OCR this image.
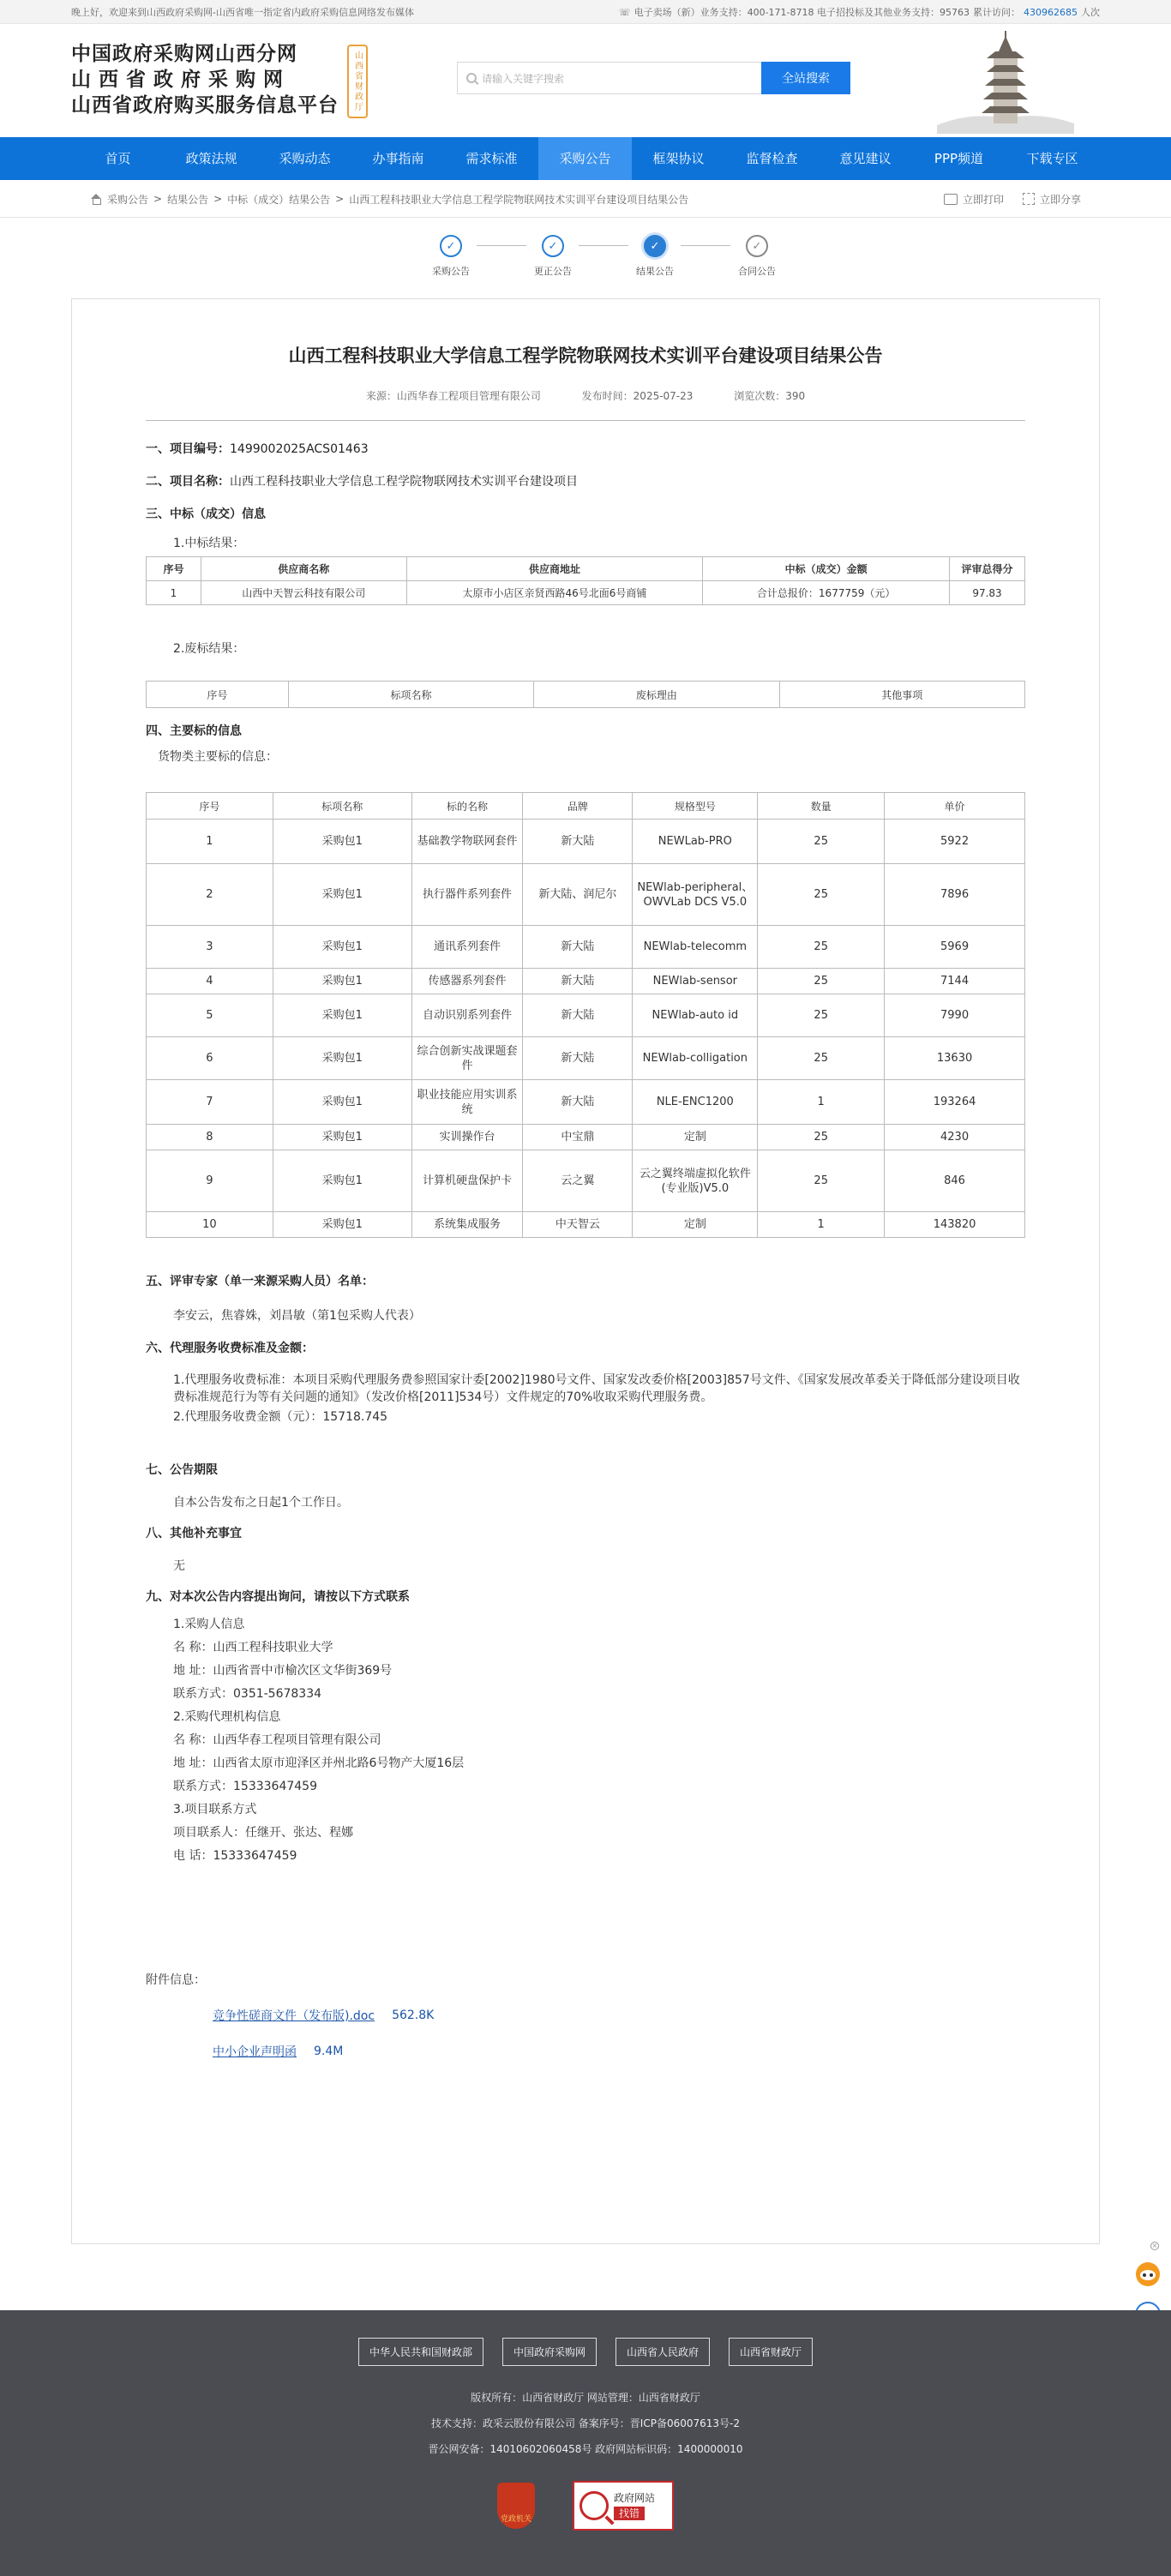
晚上好，欢迎来到山西政府采购网-山西省唯一指定省内政府采购信息网络发布媒体	☏ 电子卖场（新）业务支持：400-171-8718 电子招投标及其他业务支持：95763 累计访问： 430962685 人次
中国政府采购网山西分网
山西省政府采购网
山西省政府购买服务信息平台	山西省财政厅	请输入关键字搜索	全站搜索
首页	政策法规	采购动态	办事指南	需求标准	采购公告	框架协议	监督检查	意见建议	PPP频道	下载专区
采购公告 > 结果公告 > 中标（成交）结果公告 > 山西工程科技职业大学信息工程学院物联网技术实训平台建设项目结果公告	立即打印	立即分享
✓
采购公告
✓
更正公告
✓
结果公告
✓
合同公告
山西工程科技职业大学信息工程学院物联网技术实训平台建设项目结果公告
来源：山西华春工程项目管理有限公司	发布时间：2025-07-23	浏览次数：390
一、项目编号：1499002025ACS01463
二、项目名称：山西工程科技职业大学信息工程学院物联网技术实训平台建设项目
三、中标（成交）信息
1.中标结果：
序号	供应商名称	供应商地址	中标（成交）金额	评审总得分
1	山西中天智云科技有限公司	太原市小店区亲贤西路46号北面6号商铺	合计总报价：1677759（元）	97.83
2.废标结果：
序号	标项名称	废标理由	其他事项
四、主要标的信息
货物类主要标的信息：
序号	标项名称	标的名称	品牌	规格型号	数量	单价
1	采购包1	基础教学物联网套件	新大陆	NEWLab-PRO	25	5922
2	采购包1	执行器件系列套件	新大陆、润尼尔	NEWlab-peripheral、OWVLab DCS V5.0	25	7896
3	采购包1	通讯系列套件	新大陆	NEWlab-telecomm	25	5969
4	采购包1	传感器系列套件	新大陆	NEWlab-sensor	25	7144
5	采购包1	自动识别系列套件	新大陆	NEWlab-auto id	25	7990
6	采购包1	综合创新实战课题套件	新大陆	NEWlab-colligation	25	13630
7	采购包1	职业技能应用实训系统	新大陆	NLE-ENC1200	1	193264
8	采购包1	实训操作台	中宝鼎	定制	25	4230
9	采购包1	计算机硬盘保护卡	云之翼	云之翼终端虚拟化软件(专业版)V5.0	25	846
10	采购包1	系统集成服务	中天智云	定制	1	143820
五、评审专家（单一来源采购人员）名单：
李安云，焦睿姝，刘昌敏（第1包采购人代表）
六、代理服务收费标准及金额：
1.代理服务收费标准：本项目采购代理服务费参照国家计委[2002]1980号文件、国家发改委价格[2003]857号文件、《国家发展改革委关于降低部分建设项目收费标准规范行为等有关问题的通知》（发改价格[2011]534号）文件规定的70%收取采购代理服务费。
2.代理服务收费金额（元）：15718.745
七、公告期限
自本公告发布之日起1个工作日。
八、其他补充事宜
无
九、对本次公告内容提出询问，请按以下方式联系
1.采购人信息
名 称：山西工程科技职业大学
地 址：山西省晋中市榆次区文华街369号
联系方式：0351-5678334
2.采购代理机构信息
名 称：山西华春工程项目管理有限公司
地 址：山西省太原市迎泽区并州北路6号物产大厦16层
联系方式：15333647459
3.项目联系方式
项目联系人：任继开、张达、程娜
电 话：15333647459
附件信息：
竞争性磋商文件（发布版).doc 562.8K
中小企业声明函 9.4M
×
中华人民共和国财政部	中国政府采购网	山西省人民政府	山西省财政厅
版权所有：山西省财政厅 网站管理：山西省财政厅
技术支持：政采云股份有限公司 备案序号：晋ICP备06007613号-2
晋公网安备：14010602060458号 政府网站标识码：1400000010
党政机关
政府网站
找错
